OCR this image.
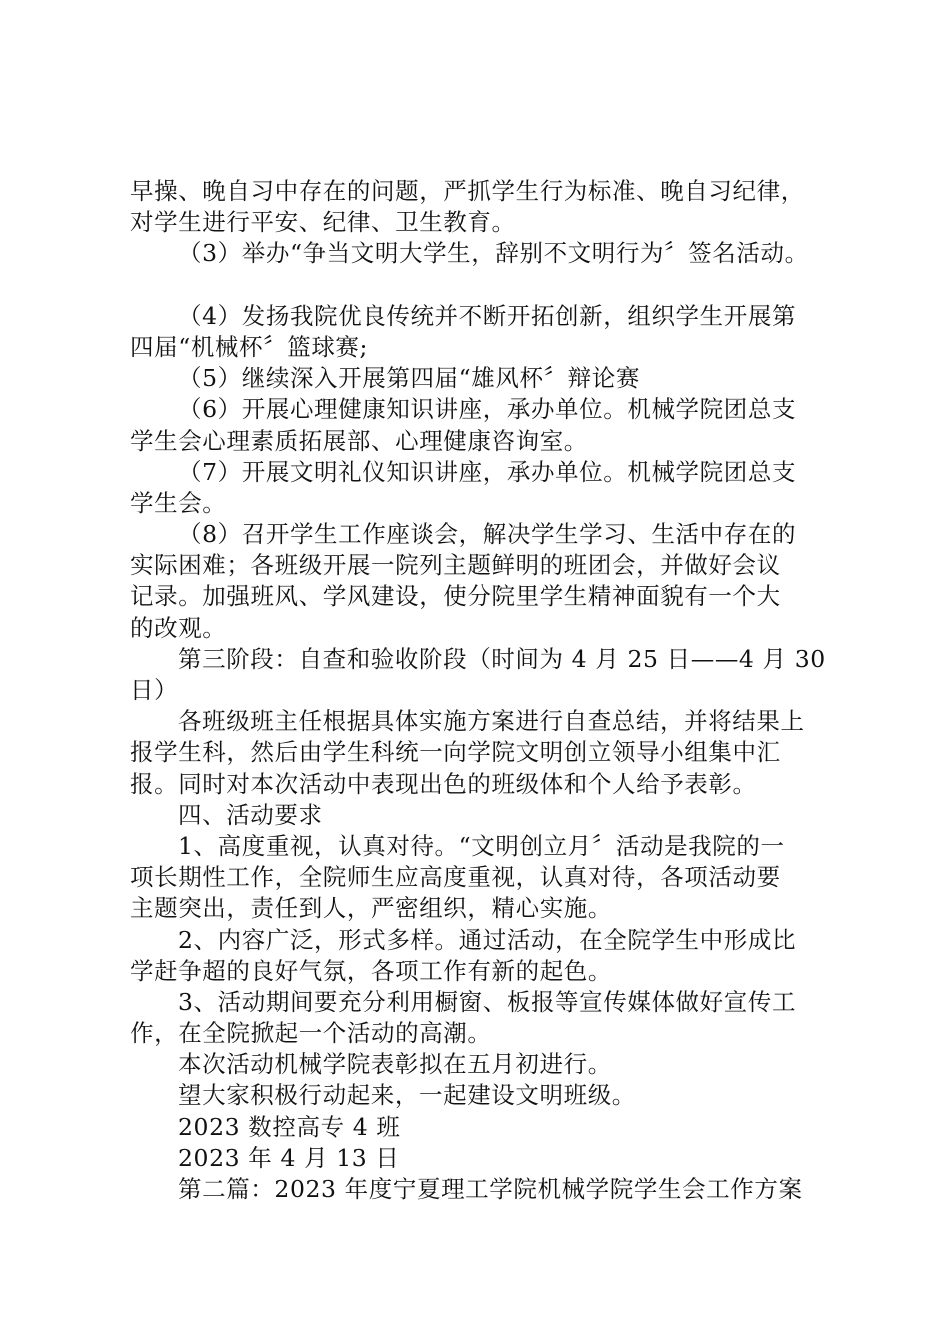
早操、晚自习中存在的问题，严抓学生行为标准、晚自习纪律，
对学生进行平安、纪律、卫生教育。
（3）举办“争当文明大学生，辞别不文明行为〞签名活动。
（4）发扬我院优良传统并不断开拓创新，组织学生开展第
四届“机械杯〞篮球赛;
（5）继续深入开展第四届“雄风杯〞辩论赛
（6）开展心理健康知识讲座，承办单位。机械学院团总支
学生会心理素质拓展部、心理健康咨询室。
（7）开展文明礼仪知识讲座，承办单位。机械学院团总支
学生会。
（8）召开学生工作座谈会，解决学生学习、生活中存在的
实际困难；各班级开展一院列主题鲜明的班团会，并做好会议
记录。加强班风、学风建设，使分院里学生精神面貌有一个大
的改观。
第三阶段：自查和验收阶段（时间为 4 月 25 日——4 月 30
日）
各班级班主任根据具体实施方案进行自查总结，并将结果上
报学生科，然后由学生科统一向学院文明创立领导小组集中汇
报。同时对本次活动中表现出色的班级体和个人给予表彰。
四、活动要求
1、高度重视，认真对待。“文明创立月〞活动是我院的一
项长期性工作，全院师生应高度重视，认真对待，各项活动要
主题突出，责任到人，严密组织，精心实施。
2、内容广泛，形式多样。通过活动，在全院学生中形成比
学赶争超的良好气氛，各项工作有新的起色。
3、活动期间要充分利用橱窗、板报等宣传媒体做好宣传工
作，在全院掀起一个活动的高潮。
本次活动机械学院表彰拟在五月初进行。
望大家积极行动起来，一起建设文明班级。
2023 数控高专 4 班
2023 年 4 月 13 日
第二篇：2023 年度宁夏理工学院机械学院学生会工作方案
